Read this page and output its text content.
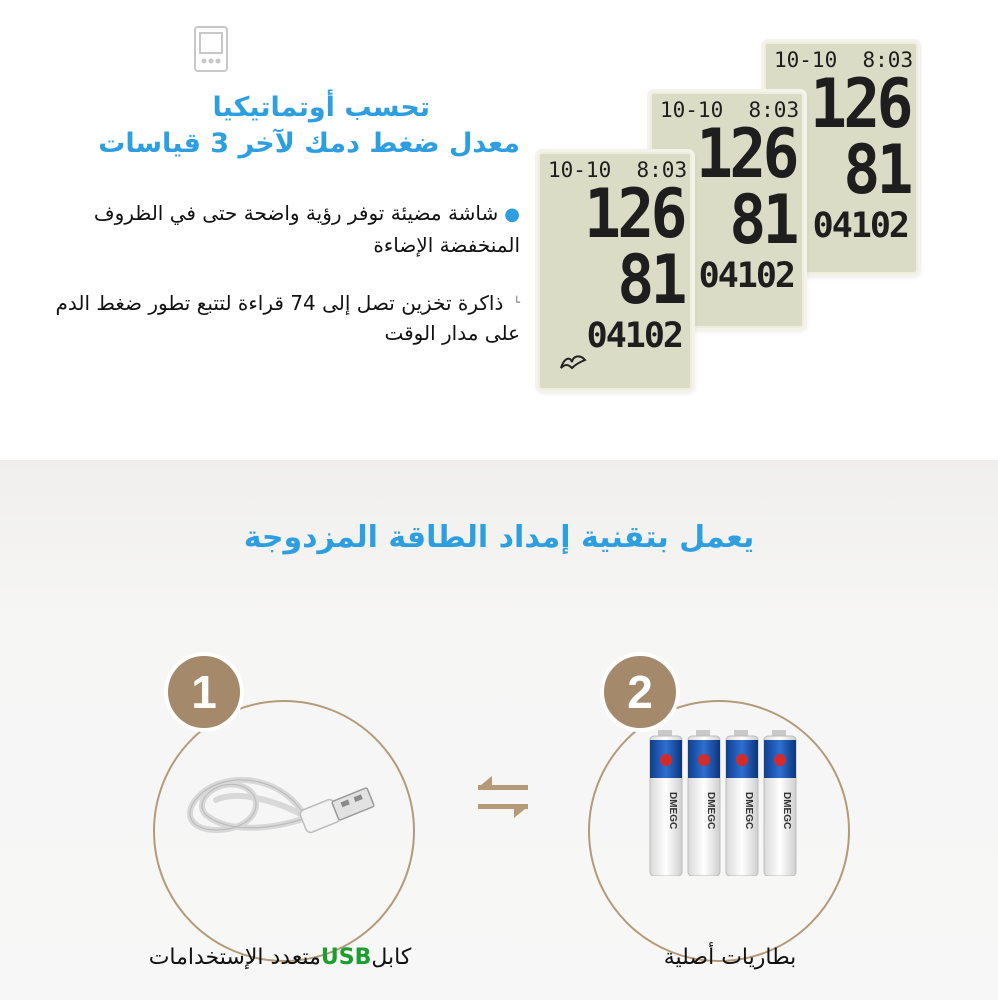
تحسب أوتماتيكيا
معدل ضغط دمك لآخر 3 قياسات
●شاشة مضيئة توفر رؤية واضحة حتى في الظروف المنخفضة الإضاءة
└ذاكرة تخزين تصل إلى 74 قراءة لتتبع تطور ضغط الدم على مدار الوقت
10-10 8:03
126
81
04102
10-10 8:03
126
81
04102
10-10 8:03
126
81
04102
يعمل بتقنية إمداد الطاقة المزدوجة
1	2
DMEGC	DMEGC	DMEGC	DMEGC
كابلUSBمتعدد الإستخدامات	بطاريات أصلية
